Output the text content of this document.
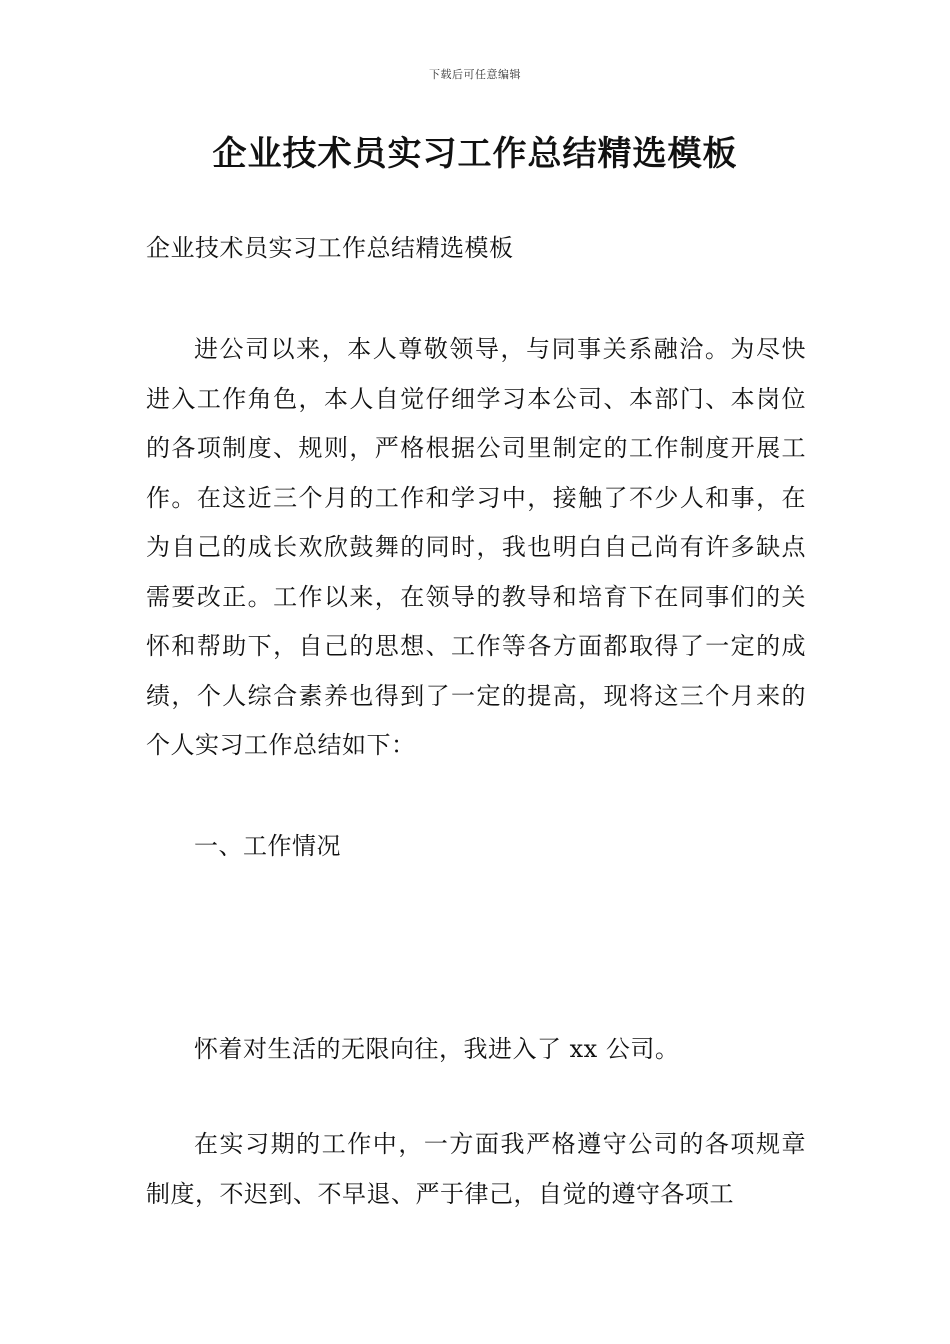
下载后可任意编辑
企业技术员实习工作总结精选模板

企业技术员实习工作总结精选模板

进公司以来，本人尊敬领导，与同事关系融洽。为尽快进入工作角色，本人自觉仔细学习本公司、本部门、本岗位的各项制度、规则，严格根据公司里制定的工作制度开展工作。在这近三个月的工作和学习中，接触了不少人和事，在为自己的成长欢欣鼓舞的同时，我也明白自己尚有许多缺点需要改正。工作以来，在领导的教导和培育下在同事们的关怀和帮助下，自己的思想、工作等各方面都取得了一定的成绩，个人综合素养也得到了一定的提高，现将这三个月来的个人实习工作总结如下：

一、工作情况

怀着对生活的无限向往，我进入了 xx 公司。

在实习期的工作中，一方面我严格遵守公司的各项规章制度，不迟到、不早退、严于律己，自觉的遵守各项工
